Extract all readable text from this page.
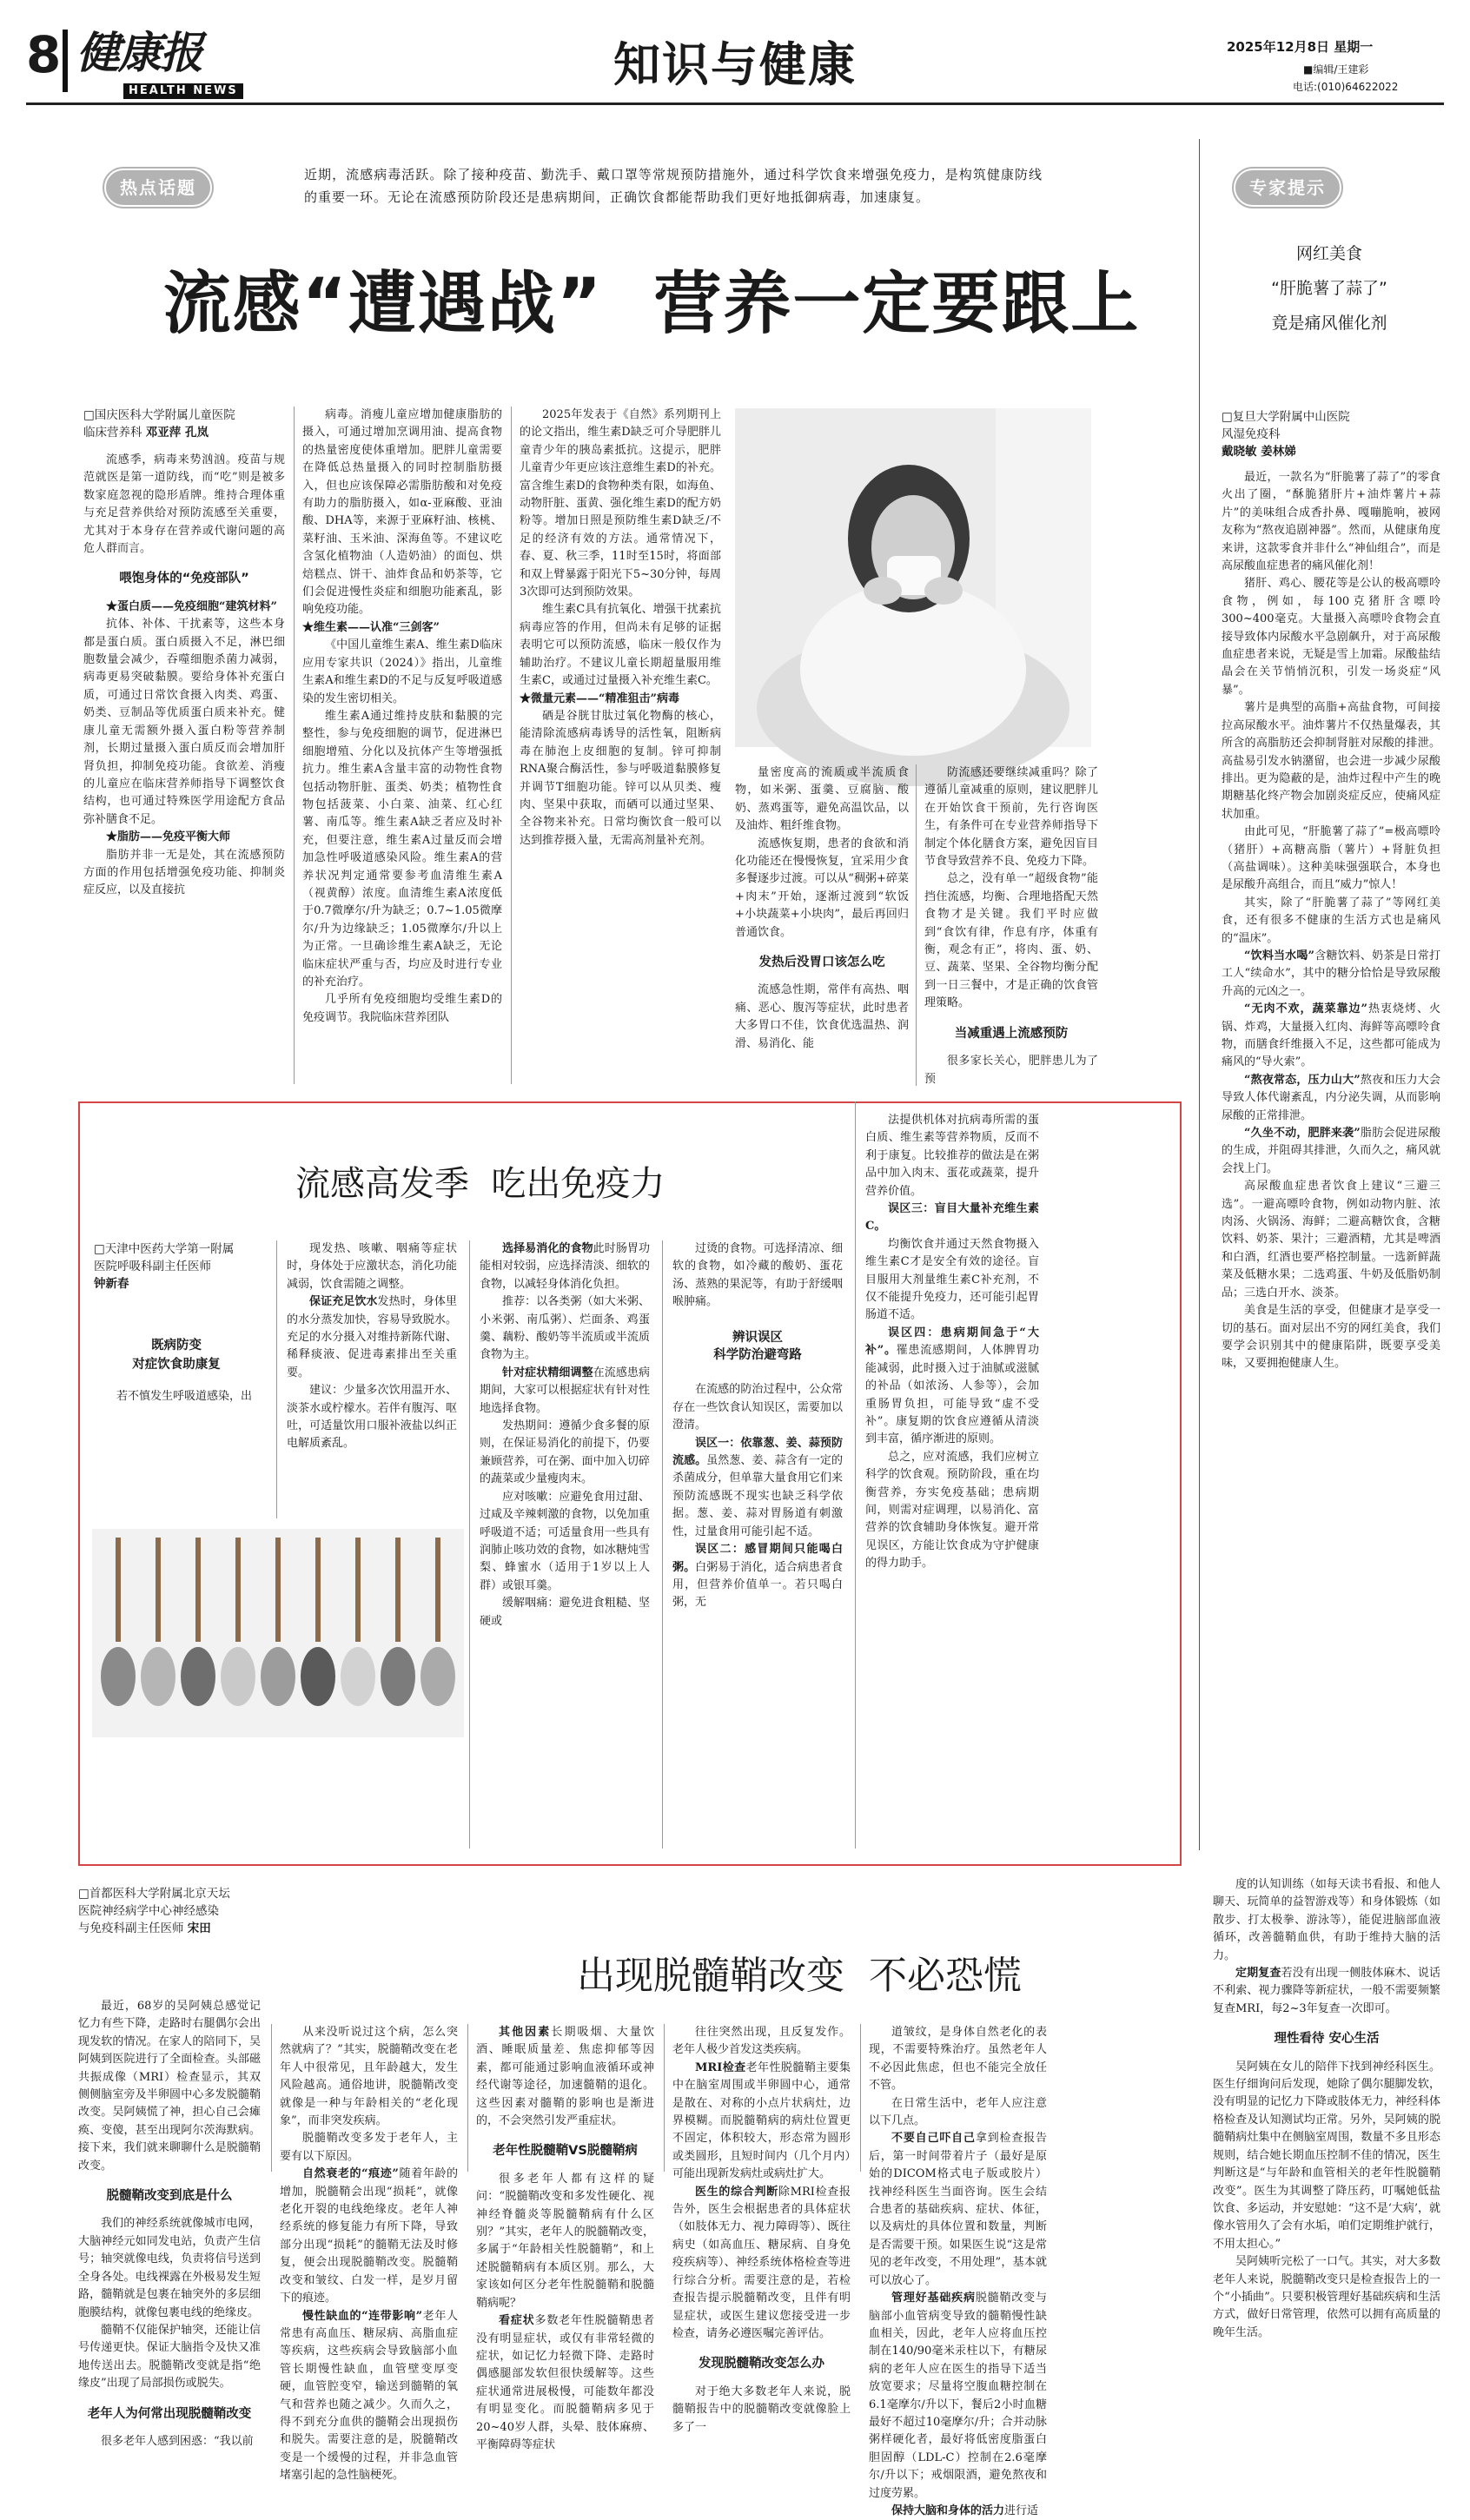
8 健康报
HEALTH NEWS	知识与健康	2025年12月8日 星期一
■编辑/王建彩
电话:(010)64622022
热点话题	专家提示
近期，流感病毒活跃。除了接种疫苗、勤洗手、戴口罩等常规预防措施外，通过科学饮食来增强免疫力，是构筑健康防线的重要一环。无论在流感预防阶段还是患病期间，正确饮食都能帮助我们更好地抵御病毒，加速康复。
流感“遭遇战”  营养一定要跟上
□国庆医科大学附属儿童医院
临床营养科 邓亚萍 孔岚

流感季，病毒来势汹汹。疫苗与规范就医是第一道防线，而“吃”则是被多数家庭忽视的隐形盾牌。维持合理体重与充足营养供给对预防流感至关重要，尤其对于本身存在营养或代谢问题的高危人群而言。

喂饱身体的“免疫部队”

★蛋白质——免疫细胞“建筑材料”

抗体、补体、干扰素等，这些本身都是蛋白质。蛋白质摄入不足，淋巴细胞数量会减少，吞噬细胞杀菌力减弱，病毒更易突破黏膜。要给身体补充蛋白质，可通过日常饮食摄入肉类、鸡蛋、奶类、豆制品等优质蛋白质来补充。健康儿童无需额外摄入蛋白粉等营养制剂，长期过量摄入蛋白质反而会增加肝肾负担，抑制免疫功能。食欲差、消瘦的儿童应在临床营养师指导下调整饮食结构，也可通过特殊医学用途配方食品弥补膳食不足。

★脂肪——免疫平衡大师

脂肪并非一无是处，其在流感预防方面的作用包括增强免疫功能、抑制炎症反应，以及直接抗

病毒。消瘦儿童应增加健康脂肪的摄入，可通过增加烹调用油、提高食物的热量密度使体重增加。肥胖儿童需要在降低总热量摄入的同时控制脂肪摄入，但也应该保障必需脂肪酸和对免疫有助力的脂肪摄入，如α-亚麻酸、亚油酸、DHA等，来源于亚麻籽油、核桃、菜籽油、玉米油、深海鱼等。不建议吃含氢化植物油（人造奶油）的面包、烘焙糕点、饼干、油炸食品和奶茶等，它们会促进慢性炎症和细胞功能紊乱，影响免疫功能。

★维生素——认准“三剑客”

《中国儿童维生素A、维生素D临床应用专家共识（2024）》指出，儿童维生素A和维生素D的不足与反复呼吸道感染的发生密切相关。

维生素A通过维持皮肤和黏膜的完整性，参与免疫细胞的调节，促进淋巴细胞增殖、分化以及抗体产生等增强抵抗力。维生素A含量丰富的动物性食物包括动物肝脏、蛋类、奶类；植物性食物包括菠菜、小白菜、油菜、红心红薯、南瓜等。维生素A缺乏者应及时补充，但要注意，维生素A过量反而会增加急性呼吸道感染风险。维生素A的营养状况判定通常要参考血清维生素A（视黄醇）浓度。血清维生素A浓度低于0.7微摩尔/升为缺乏；0.7~1.05微摩尔/升为边缘缺乏；1.05微摩尔/升以上为正常。一旦确诊维生素A缺乏，无论临床症状严重与否，均应及时进行专业的补充治疗。

几乎所有免疫细胞均受维生素D的免疫调节。我院临床营养团队

2025年发表于《自然》系列期刊上的论文指出，维生素D缺乏可介导肥胖儿童青少年的胰岛素抵抗。这提示，肥胖儿童青少年更应该注意维生素D的补充。富含维生素D的食物种类有限，如海鱼、动物肝脏、蛋黄、强化维生素D的配方奶粉等。增加日照是预防维生素D缺乏/不足的经济有效的方法。通常情况下，春、夏、秋三季，11时至15时，将面部和双上臂暴露于阳光下5~30分钟，每周3次即可达到预防效果。

维生素C具有抗氧化、增强干扰素抗病毒应答的作用，但尚未有足够的证据表明它可以预防流感，临床一般仅作为辅助治疗。不建议儿童长期超量服用维生素C，或通过过量摄入补充维生素C。

★微量元素——“精准狙击”病毒

硒是谷胱甘肽过氧化物酶的核心，能清除流感病毒诱导的活性氧，阻断病毒在肺泡上皮细胞的复制。锌可抑制RNA聚合酶活性，参与呼吸道黏膜修复并调节T细胞功能。锌可以从贝类、瘦肉、坚果中获取，而硒可以通过坚果、全谷物来补充。日常均衡饮食一般可以达到推荐摄入量，无需高剂量补充剂。

量密度高的流质或半流质食物，如米粥、蛋羹、豆腐脑、酸奶、蒸鸡蛋等，避免高温饮品，以及油炸、粗纤维食物。

流感恢复期，患者的食欲和消化功能还在慢慢恢复，宜采用少食多餐逐步过渡。可以从“稠粥+碎菜+肉末”开始，逐渐过渡到“软饭+小块蔬菜+小块肉”，最后再回归普通饮食。

发热后没胃口该怎么吃

流感急性期，常伴有高热、咽痛、恶心、腹泻等症状，此时患者大多胃口不佳，饮食优选温热、润滑、易消化、能

防流感还要继续减重吗？除了遵循儿童减重的原则，建议肥胖儿在开始饮食干预前，先行咨询医生，有条件可在专业营养师指导下制定个体化膳食方案，避免因盲目节食导致营养不良、免疫力下降。

总之，没有单一“超级食物”能挡住流感，均衡、合理地搭配天然食物才是关键。我们平时应做到“食饮有律，作息有序，体重有衡，观念有正”，将肉、蛋、奶、豆、蔬菜、坚果、全谷物均衡分配到一日三餐中，才是正确的饮食管理策略。

当减重遇上流感预防

很多家长关心，肥胖患儿为了预

网红美食
“肝脆薯了蒜了”
竟是痛风催化剂
□复旦大学附属中山医院
风湿免疫科
戴晓敏 姜林娣

最近，一款名为“肝脆薯了蒜了”的零食火出了圈，“酥脆猪肝片+油炸薯片+蒜片”的美味组合成香扑鼻、嘎嘣脆响，被网友称为“熬夜追剧神器”。然而，从健康角度来讲，这款零食并非什么“神仙组合”，而是高尿酸血症患者的痛风催化剂！

猪肝、鸡心、腰花等是公认的极高嘌呤食物，例如，每100克猪肝含嘌呤300~400毫克。大量摄入高嘌呤食物会直接导致体内尿酸水平急剧飙升，对于高尿酸血症患者来说，无疑是雪上加霜。尿酸盐结晶会在关节悄悄沉积，引发一场炎症“风暴”。

薯片是典型的高脂+高盐食物，可间接拉高尿酸水平。油炸薯片不仅热量爆表，其所含的高脂肪还会抑制肾脏对尿酸的排泄。高盐易引发水钠潴留，也会进一步减少尿酸排出。更为隐蔽的是，油炸过程中产生的晚期糖基化终产物会加剧炎症反应，使痛风症状加重。

由此可见，“肝脆薯了蒜了”=极高嘌呤（猪肝）+高糖高脂（薯片）+肾脏负担（高盐调味）。这种美味强强联合，本身也是尿酸升高组合，而且“威力”惊人！

其实，除了“肝脆薯了蒜了”等网红美食，还有很多不健康的生活方式也是痛风的“温床”。

“饮料当水喝”含糖饮料、奶茶是日常打工人“续命水”，其中的糖分恰恰是导致尿酸升高的元凶之一。

“无肉不欢，蔬菜靠边”热衷烧烤、火锅、炸鸡，大量摄入红肉、海鲜等高嘌呤食物，而膳食纤维摄入不足，这些都可能成为痛风的“导火索”。

“熬夜常态，压力山大”熬夜和压力大会导致人体代谢紊乱，内分泌失调，从而影响尿酸的正常排泄。

“久坐不动，肥胖来袭”脂肪会促进尿酸的生成，并阻碍其排泄，久而久之，痛风就会找上门。

高尿酸血症患者饮食上建议“三避三选”。一避高嘌呤食物，例如动物内脏、浓肉汤、火锅汤、海鲜；二避高糖饮食，含糖饮料、奶茶、果汁；三避酒精，尤其是啤酒和白酒，红酒也要严格控制量。一选新鲜蔬菜及低糖水果；二选鸡蛋、牛奶及低脂奶制品；三选白开水、淡茶。

美食是生活的享受，但健康才是享受一切的基石。面对层出不穷的网红美食，我们要学会识别其中的健康陷阱，既要享受美味，又要拥抱健康人生。

流感高发季  吃出免疫力
□天津中医药大学第一附属
医院呼吸科副主任医师
钟新春
既病防变
对症饮食助康复

若不慎发生呼吸道感染，出

现发热、咳嗽、咽痛等症状时，身体处于应激状态，消化功能减弱，饮食需随之调整。

保证充足饮水发热时，身体里的水分蒸发加快，容易导致脱水。充足的水分摄入对维持新陈代谢、稀释痰液、促进毒素排出至关重要。

建议：少量多次饮用温开水、淡茶水或柠檬水。若伴有腹泻、呕吐，可适量饮用口服补液盐以纠正电解质紊乱。

选择易消化的食物此时肠胃功能相对较弱，应选择清淡、细软的食物，以减轻身体消化负担。

推荐：以各类粥（如大米粥、小米粥、南瓜粥）、烂面条、鸡蛋羹、藕粉、酸奶等半流质或半流质食物为主。

针对症状精细调整在流感患病期间，大家可以根据症状有针对性地选择食物。

发热期间：遵循少食多餐的原则，在保证易消化的前提下，仍要兼顾营养，可在粥、面中加入切碎的蔬菜或少量瘦肉末。

应对咳嗽：应避免食用过甜、过咸及辛辣刺激的食物，以免加重呼吸道不适；可适量食用一些具有润肺止咳功效的食物，如冰糖炖雪梨、蜂蜜水（适用于1岁以上人群）或银耳羹。

缓解咽痛：避免进食粗糙、坚硬或

过烫的食物。可选择清凉、细软的食物，如冷藏的酸奶、蛋花汤、蒸熟的果泥等，有助于舒缓咽喉肿痛。

辨识误区
科学防治避弯路

在流感的防治过程中，公众常存在一些饮食认知误区，需要加以澄清。

误区一：依靠葱、姜、蒜预防流感。虽然葱、姜、蒜含有一定的杀菌成分，但单靠大量食用它们来预防流感既不现实也缺乏科学依据。葱、姜、蒜对胃肠道有刺激性，过量食用可能引起不适。

误区二：感冒期间只能喝白粥。白粥易于消化，适合病患者食用，但营养价值单一。若只喝白粥，无

法提供机体对抗病毒所需的蛋白质、维生素等营养物质，反而不利于康复。比较推荐的做法是在粥品中加入肉末、蛋花或蔬菜，提升营养价值。

误区三：盲目大量补充维生素C。

均衡饮食并通过天然食物摄入维生素C才是安全有效的途径。盲目服用大剂量维生素C补充剂，不仅不能提升免疫力，还可能引起胃肠道不适。

误区四：患病期间急于“大补”。罹患流感期间，人体脾胃功能减弱，此时摄入过于油腻或滋腻的补品（如浓汤、人参等），会加重肠胃负担，可能导致“虚不受补”。康复期的饮食应遵循从清淡到丰富，循序渐进的原则。

总之，应对流感，我们应树立科学的饮食观。预防阶段，重在均衡营养，夯实免疫基础；患病期间，则需对症调理，以易消化、富营养的饮食辅助身体恢复。避开常见误区，方能让饮食成为守护健康的得力助手。

□首都医科大学附属北京天坛
医院神经病学中心神经感染
与免疫科副主任医师 宋田
出现脱髓鞘改变  不必恐慌

最近，68岁的吴阿姨总感觉记忆力有些下降，走路时右腿偶尔会出现发软的情况。在家人的陪同下，吴阿姨到医院进行了全面检查。头部磁共振成像（MRI）检查显示，其双侧侧脑室旁及半卵圆中心多发脱髓鞘改变。吴阿姨慌了神，担心自己会瘫痪、变傻，甚至出现阿尔茨海默病。接下来，我们就来聊聊什么是脱髓鞘改变。

脱髓鞘改变到底是什么

我们的神经系统就像城市电网，大脑神经元如同发电站，负责产生信号；轴突就像电线，负责将信号送到全身各处。电线裸露在外极易发生短路，髓鞘就是包裹在轴突外的多层细胞膜结构，就像包裹电线的绝缘皮。

髓鞘不仅能保护轴突，还能让信号传递更快。保证大脑指令及快又准地传送出去。脱髓鞘改变就是指“绝缘皮”出现了局部损伤或脱失。

老年人为何常出现脱髓鞘改变

很多老年人感到困惑：“我以前

从来没听说过这个病，怎么突然就病了？”其实，脱髓鞘改变在老年人中很常见，且年龄越大，发生风险越高。通俗地讲，脱髓鞘改变就像是一种与年龄相关的“老化现象”，而非突发疾病。

脱髓鞘改变多发于老年人，主要有以下原因。

自然衰老的“痕迹”随着年龄的增加，脱髓鞘会出现“损耗”，就像老化开裂的电线绝缘皮。老年人神经系统的修复能力有所下降，导致部分出现“损耗”的髓鞘无法及时修复，便会出现脱髓鞘改变。脱髓鞘改变和皱纹、白发一样，是岁月留下的痕迹。

慢性缺血的“连带影响”老年人常患有高血压、糖尿病、高脂血症等疾病，这些疾病会导致脑部小血管长期慢性缺血，血管壁变厚变硬，血管腔变窄，输送到髓鞘的氧气和营养也随之减少。久而久之，得不到充分血供的髓鞘会出现损伤和脱失。需要注意的是，脱髓鞘改变是一个缓慢的过程，并非急血管堵塞引起的急性脑梗死。

其他因素长期吸烟、大量饮酒、睡眠质量差、焦虑抑郁等因素，都可能通过影响血液循环或神经代谢等途径，加速髓鞘的退化。这些因素对髓鞘的影响也是渐进的，不会突然引发严重症状。

老年性脱髓鞘VS脱髓鞘病

很多老年人都有这样的疑问：“脱髓鞘改变和多发性硬化、视神经脊髓炎等脱髓鞘病有什么区别？”其实，老年人的脱髓鞘改变，多属于“年龄相关性脱髓鞘”，和上述脱髓鞘病有本质区别。那么，大家该如何区分老年性脱髓鞘和脱髓鞘病呢？

看症状多数老年性脱髓鞘患者没有明显症状，或仅有非常轻微的症状，如记忆力轻微下降、走路时偶感腿部发软但很快缓解等。这些症状通常进展极慢，可能数年都没有明显变化。而脱髓鞘病多见于20~40岁人群，头晕、肢体麻痹、平衡障碍等症状

往往突然出现，且反复发作。老年人极少首发这类疾病。

MRI检查老年性脱髓鞘主要集中在脑室周围或半卵圆中心，通常是散在、对称的小点片状病灶，边界模糊。而脱髓鞘病的病灶位置更不固定，体积较大，形态常为圆形或类圆形，且短时间内（几个月内）可能出现新发病灶或病灶扩大。

医生的综合判断除MRI检查报告外，医生会根据患者的具体症状（如肢体无力、视力障碍等）、既往病史（如高血压、糖尿病、自身免疫疾病等）、神经系统体格检查等进行综合分析。需要注意的是，若检查报告提示脱髓鞘改变，且伴有明显症状，或医生建议您接受进一步检查，请务必遵医嘱完善评估。

发现脱髓鞘改变怎么办

对于绝大多数老年人来说，脱髓鞘报告中的脱髓鞘改变就像脸上多了一

道皱纹，是身体自然老化的表现，不需要特殊治疗。虽然老年人不必因此焦虑，但也不能完全放任不管。

在日常生活中，老年人应注意以下几点。

不要自己吓自己拿到检查报告后，第一时间带着片子（最好是原始的DICOM格式电子版或胶片）找神经科医生当面咨询。医生会结合患者的基础疾病、症状、体征，以及病灶的具体位置和数量，判断是否需要干预。如果医生说“这是常见的老年改变，不用处理”，基本就可以放心了。

管理好基础疾病脱髓鞘改变与脑部小血管病变导致的髓鞘慢性缺血相关，因此，老年人应将血压控制在140/90毫米汞柱以下，有糖尿病的老年人应在医生的指导下适当放宽要求；尽量将空腹血糖控制在6.1毫摩尔/升以下，餐后2小时血糖最好不超过10毫摩尔/升；合并动脉粥样硬化者，最好将低密度脂蛋白胆固醇（LDL-C）控制在2.6毫摩尔/升以下；戒烟限酒，避免熬夜和过度劳累。

保持大脑和身体的活力进行适

度的认知训练（如每天读书看报、和他人聊天、玩简单的益智游戏等）和身体锻炼（如散步、打太极拳、游泳等），能促进脑部血液循环，改善髓鞘血供，有助于维持大脑的活力。

定期复查若没有出现一侧肢体麻木、说话不利索、视力骤降等新症状，一般不需要频繁复查MRI，每2~3年复查一次即可。

理性看待 安心生活

吴阿姨在女儿的陪伴下找到神经科医生。医生仔细询问后发现，她除了偶尔腿脚发软，没有明显的记忆力下降或肢体无力，神经科体格检查及认知测试均正常。另外，吴阿姨的脱髓鞘病灶集中在侧脑室周围，数量不多且形态规则，结合她长期血压控制不佳的情况，医生判断这是“与年龄和血管相关的老年性脱髓鞘改变”。医生为其调整了降压药，叮嘱她低盐饮食、多运动，并安慰她：“这不是‘大病’，就像水管用久了会有水垢，咱们定期维护就行，不用太担心。”

吴阿姨听完松了一口气。其实，对大多数老年人来说，脱髓鞘改变只是检查报告上的一个“小插曲”。只要积极管理好基础疾病和生活方式，做好日常管理，依然可以拥有高质量的晚年生活。
